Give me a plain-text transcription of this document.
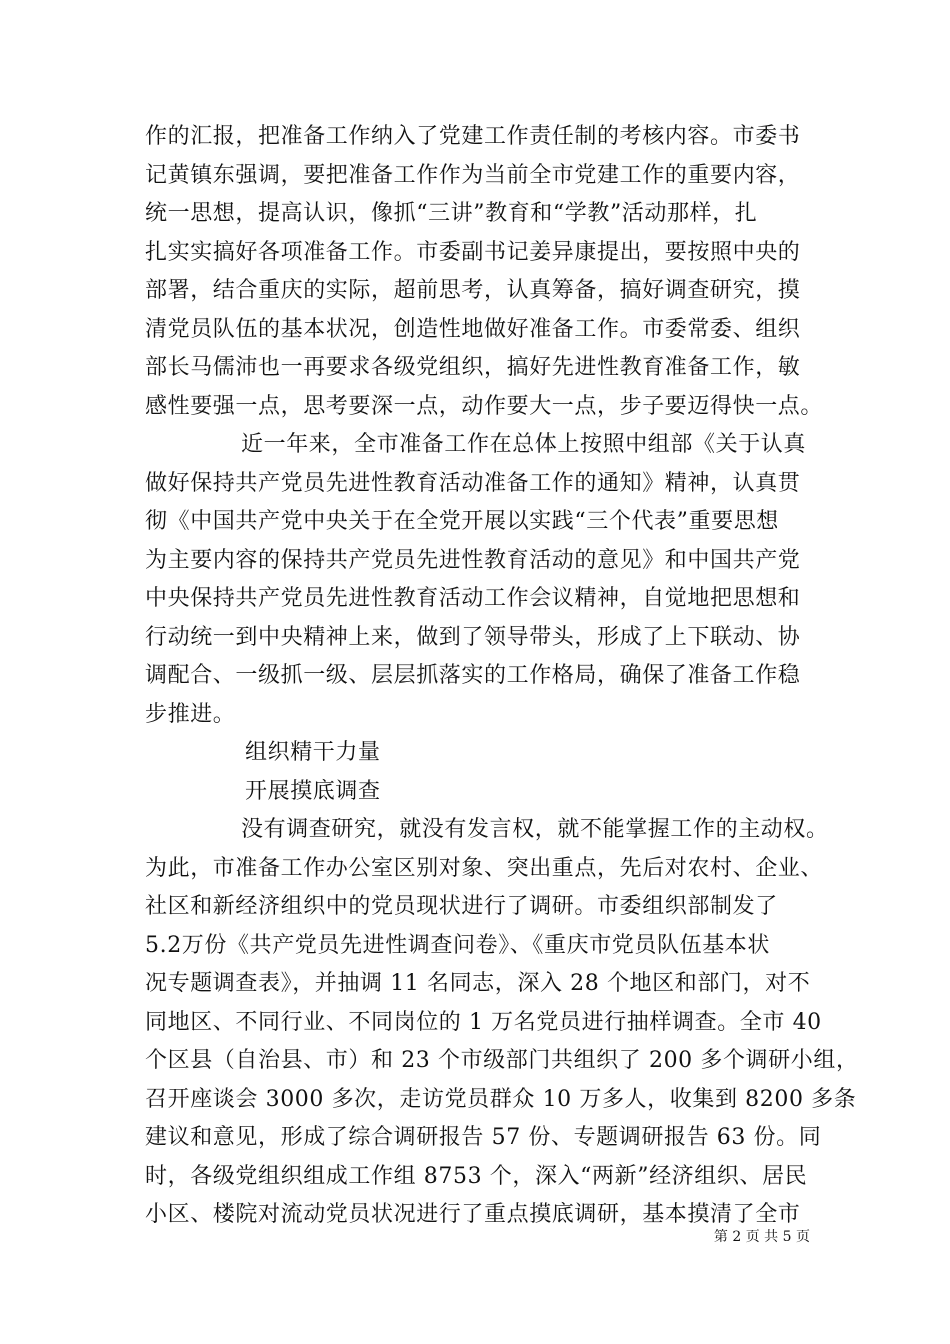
作的汇报，把准备工作纳入了党建工作责任制的考核内容。市委书
记黄镇东强调，要把准备工作作为当前全市党建工作的重要内容，
统一思想，提高认识，像抓“三讲”教育和“学教”活动那样，扎
扎实实搞好各项准备工作。市委副书记姜异康提出，要按照中央的
部署，结合重庆的实际，超前思考，认真筹备，搞好调查研究，摸
清党员队伍的基本状况，创造性地做好准备工作。市委常委、组织
部长马儒沛也一再要求各级党组织，搞好先进性教育准备工作，敏
感性要强一点，思考要深一点，动作要大一点，步子要迈得快一点。
近一年来，全市准备工作在总体上按照中组部《关于认真
做好保持共产党员先进性教育活动准备工作的通知》精神，认真贯
彻《中国共产党中央关于在全党开展以实践“三个代表”重要思想
为主要内容的保持共产党员先进性教育活动的意见》和中国共产党
中央保持共产党员先进性教育活动工作会议精神，自觉地把思想和
行动统一到中央精神上来，做到了领导带头，形成了上下联动、协
调配合、一级抓一级、层层抓落实的工作格局，确保了准备工作稳
步推进。
组织精干力量
开展摸底调查
没有调查研究，就没有发言权，就不能掌握工作的主动权。
为此，市准备工作办公室区别对象、突出重点，先后对农村、企业、
社区和新经济组织中的党员现状进行了调研。市委组织部制发了
5.2万份《共产党员先进性调查问卷》、《重庆市党员队伍基本状
况专题调查表》，并抽调 11 名同志，深入 28 个地区和部门，对不
同地区、不同行业、不同岗位的 1 万名党员进行抽样调查。全市 40
个区县（自治县、市）和 23 个市级部门共组织了 200 多个调研小组，
召开座谈会 3000 多次，走访党员群众 10 万多人，收集到 8200 多条
建议和意见，形成了综合调研报告 57 份、专题调研报告 63 份。同
时，各级党组织组成工作组 8753 个，深入“两新”经济组织、居民
小区、楼院对流动党员状况进行了重点摸底调研，基本摸清了全市
第 2 页 共 5 页
